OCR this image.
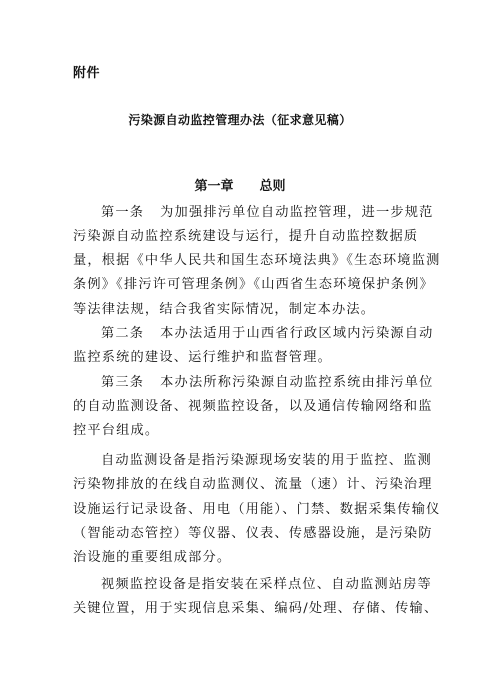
附件
污染源自动监控管理办法（征求意见稿）
第一章 总则
第一条 为加强排污单位自动监控管理，进一步规范
污染源自动监控系统建设与运行，提升自动监控数据质
量，根据《中华人民共和国生态环境法典》《生态环境监测
条例》《排污许可管理条例》《山西省生态环境保护条例》
等法律法规，结合我省实际情况，制定本办法。
第二条 本办法适用于山西省行政区域内污染源自动
监控系统的建设、运行维护和监督管理。
第三条 本办法所称污染源自动监控系统由排污单位
的自动监测设备、视频监控设备，以及通信传输网络和监
控平台组成。
自动监测设备是指污染源现场安装的用于监控、监测
污染物排放的在线自动监测仪、流量（速）计、污染治理
设施运行记录设备、用电（用能）、门禁、数据采集传输仪
（智能动态管控）等仪器、仪表、传感器设施，是污染防
治设施的重要组成部分。
视频监控设备是指安装在采样点位、自动监测站房等
关键位置，用于实现信息采集、编码/处理、存储、传输、
